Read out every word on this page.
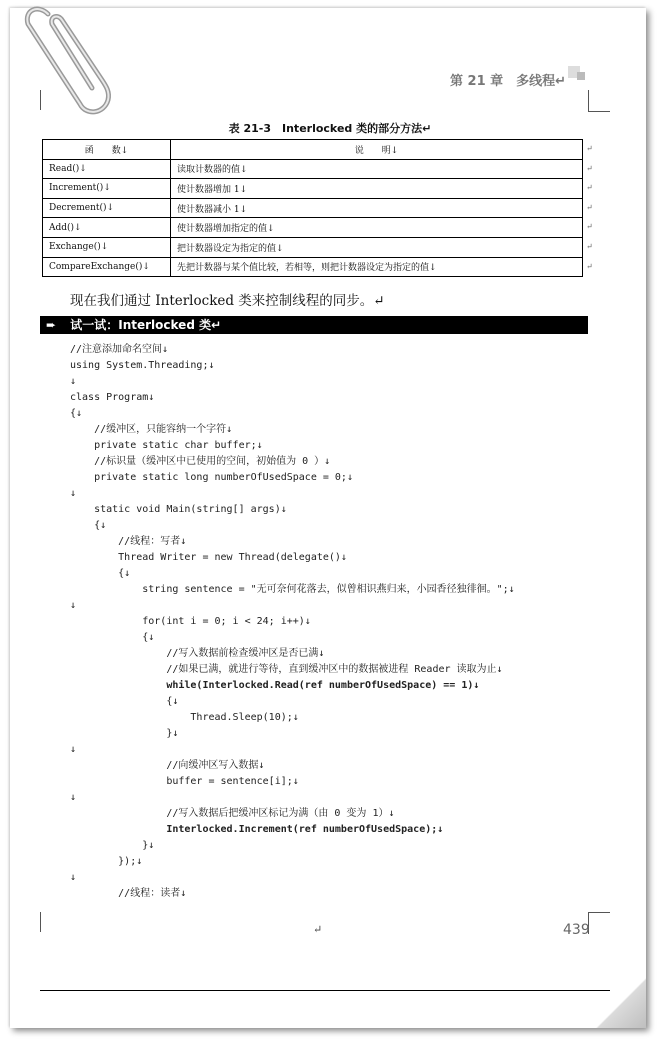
第 21 章　多线程↵
表 21-3　Interlocked 类的部分方法↵
函　　数↓	说　　明↓
Read()↓	读取计数器的值↓
Increment()↓	使计数器增加 1↓
Decrement()↓	使计数器减小 1↓
Add()↓	使计数器增加指定的值↓
Exchange()↓	把计数器设定为指定的值↓
CompareExchange()↓	先把计数器与某个值比较，若相等，则把计数器设定为指定的值↓
↵
↵
↵
↵
↵
↵
↵
现在我们通过 Interlocked 类来控制线程的同步。↵
➨ 试一试：Interlocked 类↵
//注意添加命名空间↓
using System.Threading;↓
↓
class Program↓
{↓
//缓冲区，只能容纳一个字符↓
private static char buffer;↓
//标识量（缓冲区中已使用的空间，初始值为 0 ）↓
private static long numberOfUsedSpace = 0;↓
↓
static void Main(string[] args)↓
{↓
//线程：写者↓
Thread Writer = new Thread(delegate()↓
{↓
string sentence = "无可奈何花落去，似曾相识燕归来，小园香径独徘徊。";↓
↓
for(int i = 0; i < 24; i++)↓
{↓
//写入数据前检查缓冲区是否已满↓
//如果已满，就进行等待，直到缓冲区中的数据被进程 Reader 读取为止↓
while(Interlocked.Read(ref numberOfUsedSpace) == 1)↓
{↓
Thread.Sleep(10);↓
}↓
↓
//向缓冲区写入数据↓
buffer = sentence[i];↓
↓
//写入数据后把缓冲区标记为满（由 0 变为 1）↓
Interlocked.Increment(ref numberOfUsedSpace);↓
}↓
});↓
↓
//线程：读者↓
↵	439
